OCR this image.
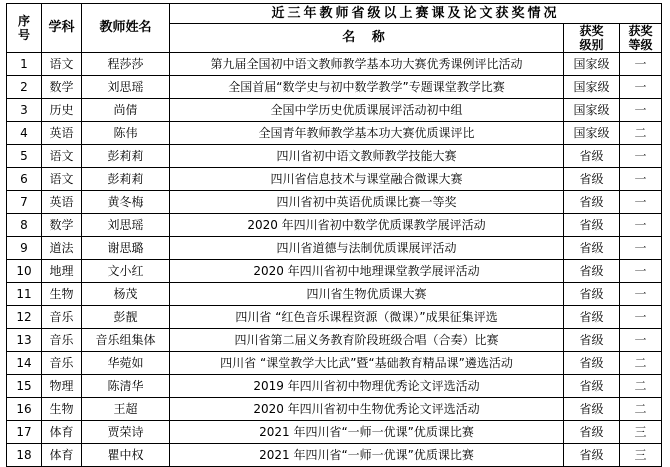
序号	学科	教师姓名	近三年教师省级以上赛课及论文获奖情况		
			名 称	获奖级别	获奖等级
1	语文	程莎莎	第九届全国初中语文教师教学基本功大赛优秀课例评比活动	国家级	一
2	数学	刘思瑶	全国首届“数学史与初中数学教学”专题课堂教学比赛	国家级	一
3	历史	尚倩	全国中学历史优质课展评活动初中组	国家级	一
4	英语	陈伟	全国青年教师教学基本功大赛优质课评比	国家级	二
5	语文	彭莉莉	四川省初中语文教师教学技能大赛	省级	一
6	语文	彭莉莉	四川省信息技术与课堂融合微课大赛	省级	一
7	英语	黄冬梅	四川省初中英语优质课比赛一等奖	省级	一
8	数学	刘思瑶	2020 年四川省初中数学优质课教学展评活动	省级	一
9	道法	谢思璐	四川省道德与法制优质课展评活动	省级	一
10	地理	文小红	2020 年四川省初中地理课堂教学展评活动	省级	一
11	生物	杨茂	四川省生物优质课大赛	省级	一
12	音乐	彭靓	四川省 “红色音乐课程资源（微课）”成果征集评选	省级	一
13	音乐	音乐组集体	四川省第二届义务教育阶段班级合唱（合奏）比赛	省级	一
14	音乐	华菀如	四川省 “课堂教学大比武”暨“基础教育精品课”遴选活动	省级	二
15	物理	陈清华	2019 年四川省初中物理优秀论文评选活动	省级	二
16	生物	王超	2020 年四川省初中生物优秀论文评选活动	省级	二
17	体育	贾荣诗	2021 年四川省“一师一优课”优质课比赛	省级	三
18	体育	瞿中权	2021 年四川省“一师一优课”优质课比赛	省级	三
